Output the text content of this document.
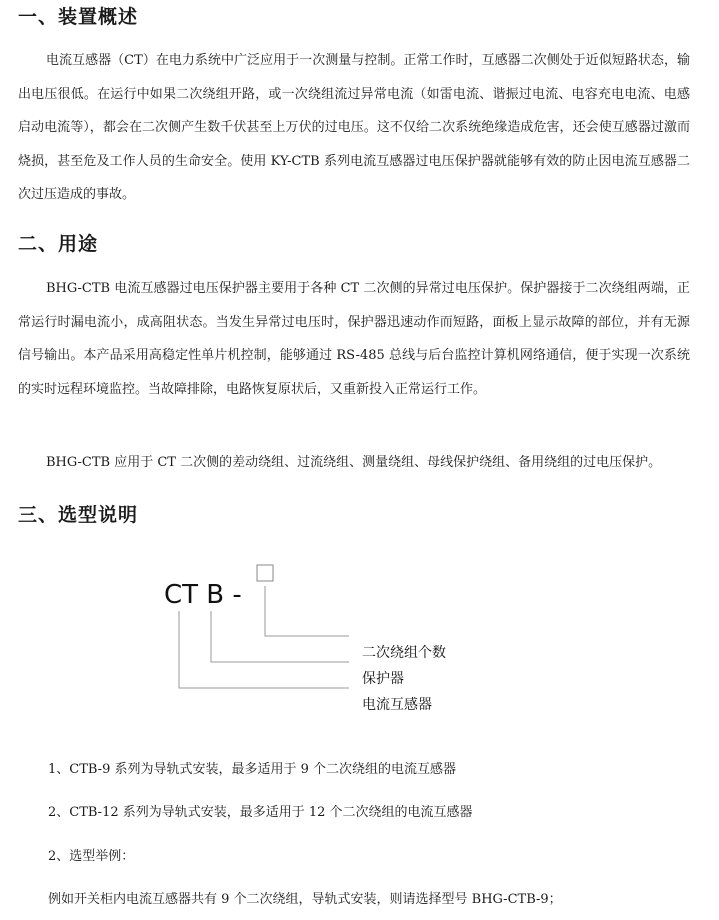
一、装置概述

电流互感器（CT）在电力系统中广泛应用于一次测量与控制。正常工作时，互感器二次侧处于近似短路状态，输出电压很低。在运行中如果二次绕组开路，或一次绕组流过异常电流（如雷电流、谐振过电流、电容充电电流、电感启动电流等），都会在二次侧产生数千伏甚至上万伏的过电压。这不仅给二次系统绝缘造成危害，还会使互感器过激而烧损，甚至危及工作人员的生命安全。使用 KY-CTB 系列电流互感器过电压保护器就能够有效的防止因电流互感器二次过压造成的事故。

二、用途

BHG-CTB 电流互感器过电压保护器主要用于各种 CT 二次侧的异常过电压保护。保护器接于二次绕组两端，正常运行时漏电流小，成高阻状态。当发生异常过电压时，保护器迅速动作而短路，面板上显示故障的部位，并有无源信号输出。本产品采用高稳定性单片机控制，能够通过 RS-485 总线与后台监控计算机网络通信，便于实现一次系统的实时远程环境监控。当故障排除，电路恢复原状后，又重新投入正常运行工作。

BHG-CTB 应用于 CT 二次侧的差动绕组、过流绕组、测量绕组、母线保护绕组、备用绕组的过电压保护。

三、选型说明
CT B -
二次绕组个数
保护器
电流互感器

1、CTB-9 系列为导轨式安装，最多适用于 9 个二次绕组的电流互感器

2、CTB-12 系列为导轨式安装，最多适用于 12 个二次绕组的电流互感器

2、选型举例：

例如开关柜内电流互感器共有 9 个二次绕组，导轨式安装，则请选择型号 BHG-CTB-9；
